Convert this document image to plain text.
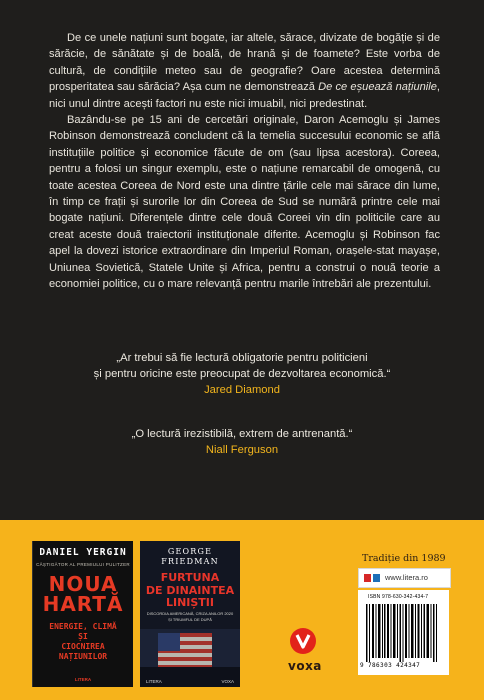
De ce unele națiuni sunt bogate, iar altele, sărace, divizate de bogăție și de sărăcie, de sănătate și de boală, de hrană și de foamete? Este vorba de cultură, de condițiile meteo sau de geografie? Oare acestea determină prosperitatea sau sărăcia? Așa cum ne demonstrează De ce eșuează națiunile, nici unul dintre acești factori nu este nici imuabil, nici predestinat.

Bazându-se pe 15 ani de cercetări originale, Daron Acemoglu și James Robinson demonstrează concludent că la temelia succesului economic se află instituțiile politice și economice făcute de om (sau lipsa acestora). Coreea, pentru a folosi un singur exemplu, este o națiune remarcabil de omogenă, cu toate acestea Coreea de Nord este una dintre țările cele mai sărace din lume, în timp ce frații și surorile lor din Coreea de Sud se numără printre cele mai bogate națiuni. Diferențele dintre cele două Coreei vin din politicile care au creat aceste două traiectorii instituționale diferite. Acemoglu și Robinson fac apel la dovezi istorice extraordinare din Imperiul Roman, orașele-stat mayașe, Uniunea Sovietică, Statele Unite și Africa, pentru a construi o nouă teorie a economiei politice, cu o mare relevanță pentru marile întrebări ale prezentului.

„Ar trebui să fie lectură obligatorie pentru politicieni
și pentru oricine este preocupat de dezvoltarea economică.“
Jared Diamond
„O lectură irezistibilă, extrem de antrenantă.“
Niall Ferguson
DANIEL YERGIN
CÂȘTIGĂTOR AL PREMIULUI PULITZER
NOUA
HARTĂ
ENERGIE, CLIMĂ
ȘI
CIOCNIREA
NAȚIUNILOR
LITERA
GEORGE
FRIEDMAN
FURTUNA
DE DINAINTEA
LINIȘTII
DISCORDIA AMERICANĂ, CRIZA ANILOR 2020 ȘI TRIUMFUL DE DUPĂ
LITERA	VOXA
voxa
Tradiție din 1989
www.litera.ro
ISBN 978-630-342-434-7
9 786303 424347
